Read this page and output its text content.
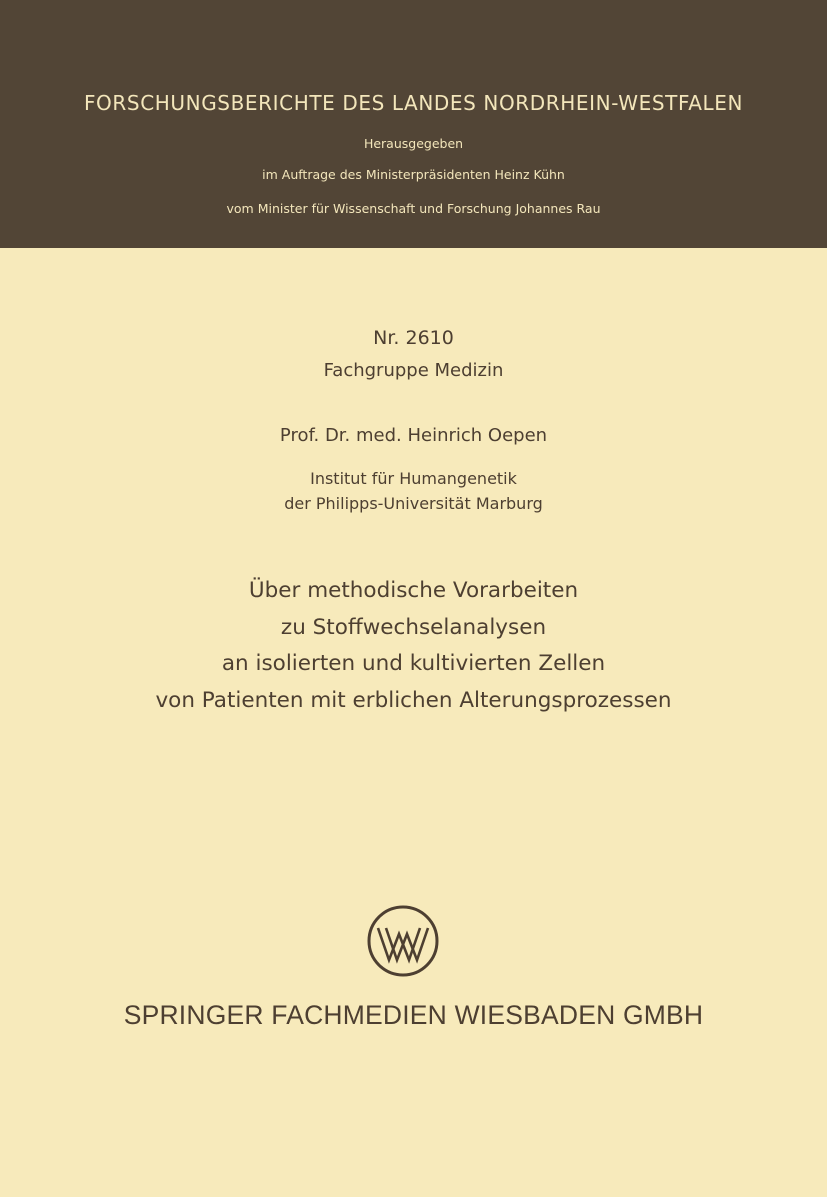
FORSCHUNGSBERICHTE DES LANDES NORDRHEIN-WESTFALEN
Herausgegeben
im Auftrage des Ministerpräsidenten Heinz Kühn
vom Minister für Wissenschaft und Forschung Johannes Rau
Nr. 2610
Fachgruppe Medizin
Prof. Dr. med. Heinrich Oepen
Institut für Humangenetik
der Philipps-Universität Marburg
Über methodische Vorarbeiten
zu Stoffwechselanalysen
an isolierten und kultivierten Zellen
von Patienten mit erblichen Alterungsprozessen
SPRINGER FACHMEDIEN WIESBADEN GMBH
